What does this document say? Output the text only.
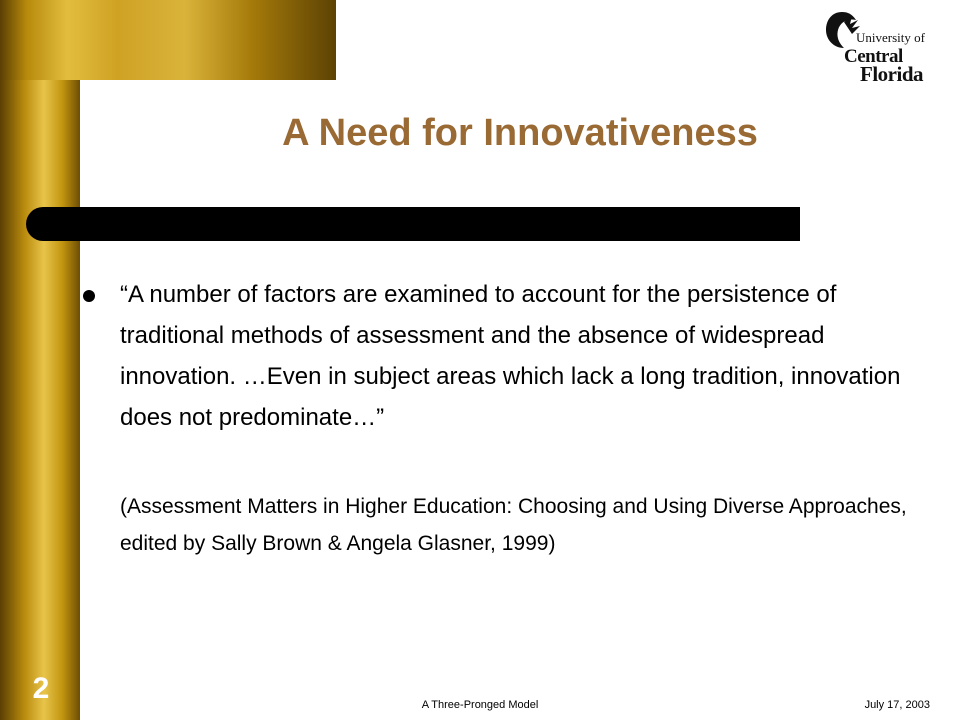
University of
Central
Florida
A Need for Innovativeness
“A number of factors are examined to account for the persistence of traditional methods of assessment and the absence of widespread innovation. …Even in subject areas which lack a long tradition, innovation does not predominate…”
(Assessment Matters in Higher Education: Choosing and Using Diverse Approaches, edited by Sally Brown & Angela Glasner, 1999)
2	A Three-Pronged Model	July 17, 2003
